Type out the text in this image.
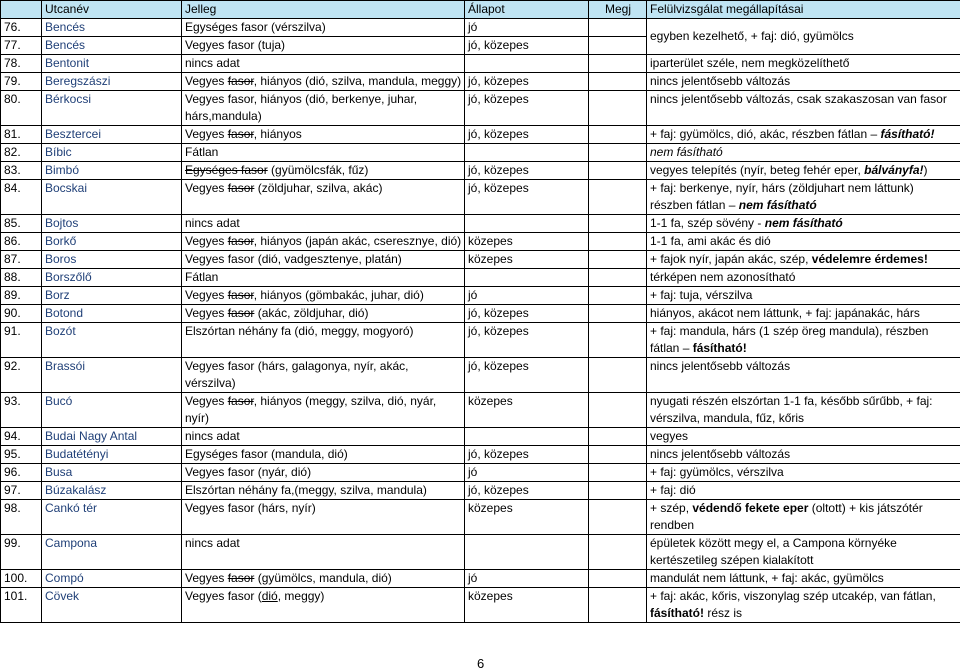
	Utcanév	Jelleg	Állapot	Megj	Felülvizsgálat megállapításai
76.	Bencés	Egységes fasor (vérszilva)	jó		egyben kezelhető, + faj: dió, gyümölcs
77.	Bencés	Vegyes fasor (tuja)	jó, közepes		
78.	Bentonit	nincs adat			iparterület széle, nem megközelíthető
79.	Beregszászi	Vegyes fasor, hiányos (dió, szilva, mandula, meggy)	jó, közepes		nincs jelentősebb változás
80.	Bérkocsi	Vegyes fasor, hiányos (dió, berkenye, juhar, hárs,mandula)	jó, közepes		nincs jelentősebb változás, csak szakaszosan van fasor
81.	Besztercei	Vegyes fasor, hiányos	jó, közepes		+ faj: gyümölcs, dió, akác, részben fátlan – fásítható!
82.	Bíbic	Fátlan			nem fásítható
83.	Bimbó	Egységes fasor (gyümölcsfák, fűz)	jó, közepes		vegyes telepítés (nyír, beteg fehér eper, bálványfa!)
84.	Bocskai	Vegyes fasor (zöldjuhar, szilva, akác)	jó, közepes		+ faj: berkenye, nyír, hárs (zöldjuhart nem láttunk) részben fátlan – nem fásítható
85.	Bojtos	nincs adat			1-1 fa, szép sövény - nem fásítható
86.	Borkő	Vegyes fasor, hiányos (japán akác, cseresznye, dió)	közepes		1-1 fa, ami akác és dió
87.	Boros	Vegyes fasor (dió, vadgesztenye, platán)	közepes		+ fajok nyír, japán akác, szép, védelemre érdemes!
88.	Borszőlő	Fátlan			térképen nem azonosítható
89.	Borz	Vegyes fasor, hiányos (gömbakác, juhar, dió)	jó		+ faj: tuja, vérszilva
90.	Botond	Vegyes fasor (akác, zöldjuhar, dió)	jó, közepes		hiányos, akácot nem láttunk, + faj: japánakác, hárs
91.	Bozót	Elszórtan néhány fa (dió, meggy, mogyoró)	jó, közepes		+ faj: mandula, hárs (1 szép öreg mandula), részben fátlan – fásítható!
92.	Brassói	Vegyes fasor (hárs, galagonya, nyír, akác, vérszilva)	jó, közepes		nincs jelentősebb változás
93.	Bucó	Vegyes fasor, hiányos (meggy, szilva, dió, nyár, nyír)	közepes		nyugati részén elszórtan 1-1 fa, később sűrűbb, + faj: vérszilva, mandula, fűz, kőris
94.	Budai Nagy Antal	nincs adat			vegyes
95.	Budatétényi	Egységes fasor (mandula, dió)	jó, közepes		nincs jelentősebb változás
96.	Busa	Vegyes fasor (nyár, dió)	jó		+ faj: gyümölcs, vérszilva
97.	Búzakalász	Elszórtan néhány fa,(meggy, szilva, mandula)	jó, közepes		+ faj: dió
98.	Cankó tér	Vegyes fasor (hárs, nyír)	közepes		+ szép, védendő fekete eper (oltott) + kis játszótér rendben
99.	Campona	nincs adat			épületek között megy el, a Campona környéke kertészetileg szépen kialakított
100.	Compó	Vegyes fasor (gyümölcs, mandula, dió)	jó		mandulát nem láttunk, + faj: akác, gyümölcs
101.	Cövek	Vegyes fasor (dió, meggy)	közepes		+ faj: akác, kőris, viszonylag szép utcakép, van fátlan, fásítható! rész is
6
